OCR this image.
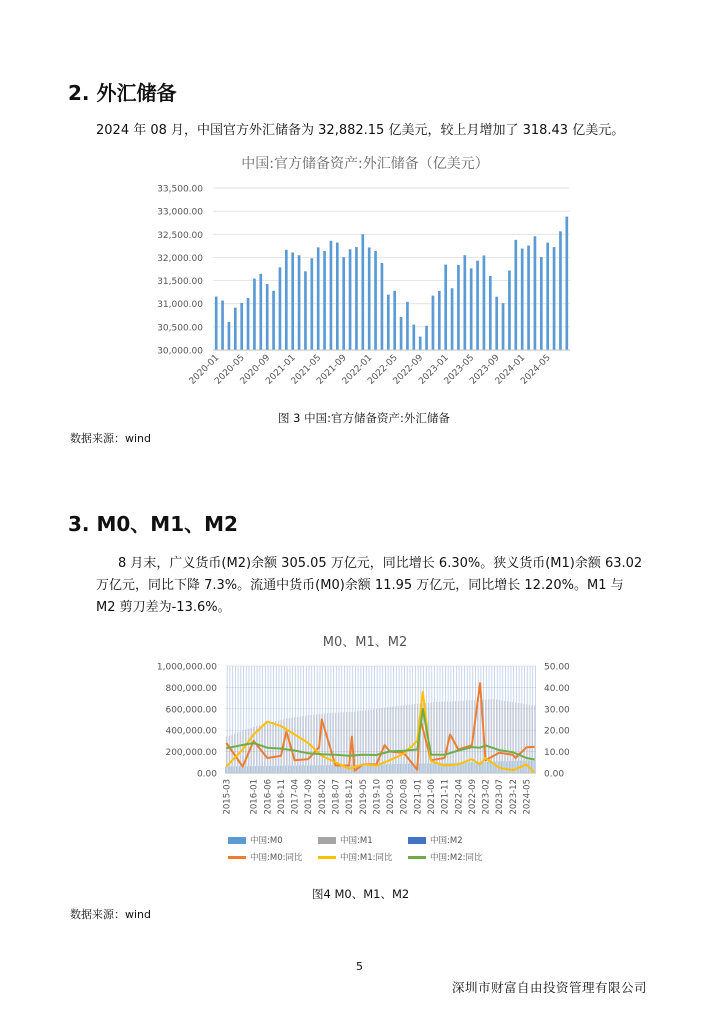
2. 外汇储备
2024 年 08 月，中国官方外汇储备为 32,882.15 亿美元，较上月增加了 318.43 亿美元。
中国:官方储备资产:外汇储备（亿美元）
33,500.00
33,000.00
32,500.00
32,000.00
31,500.00
31,000.00
30,500.00
30,000.00
2020-01
2020-05
2020-09
2021-01
2021-05
2021-09
2022-01
2022-05
2022-09
2023-01
2023-05
2023-09
2024-01
2024-05
图 3 中国:官方储备资产:外汇储备
数据来源：wind
3. M0、M1、M2
8 月末，广义货币(M2)余额 305.05 万亿元，同比增长 6.30%。狭义货币(M1)余额 63.02
万亿元，同比下降 7.3%。流通中货币(M0)余额 11.95 万亿元，同比增长 12.20%。M1 与
M2 剪刀差为-13.6%。
M0、M1、M2
1,000,000.00
800,000.00
600,000.00
400,000.00
200,000.00
0.00
50.00
40.00
30.00
20.00
10.00
0.00
2015-03 2016-01 2016-06 2016-11 2017-04 2017-09 2018-02 2018-07 2018-12 2019-05 2019-10 2020-03 2020-08 2021-01 2021-06 2021-11 2022-04 2022-09 2023-02 2023-07 2023-12 2024-05
中国:M0	中国:M1	中国:M2
中国:M0:同比	中国:M1:同比	中国:M2:同比
图4 M0、M1、M2
数据来源：wind
5
深圳市财富自由投资管理有限公司
